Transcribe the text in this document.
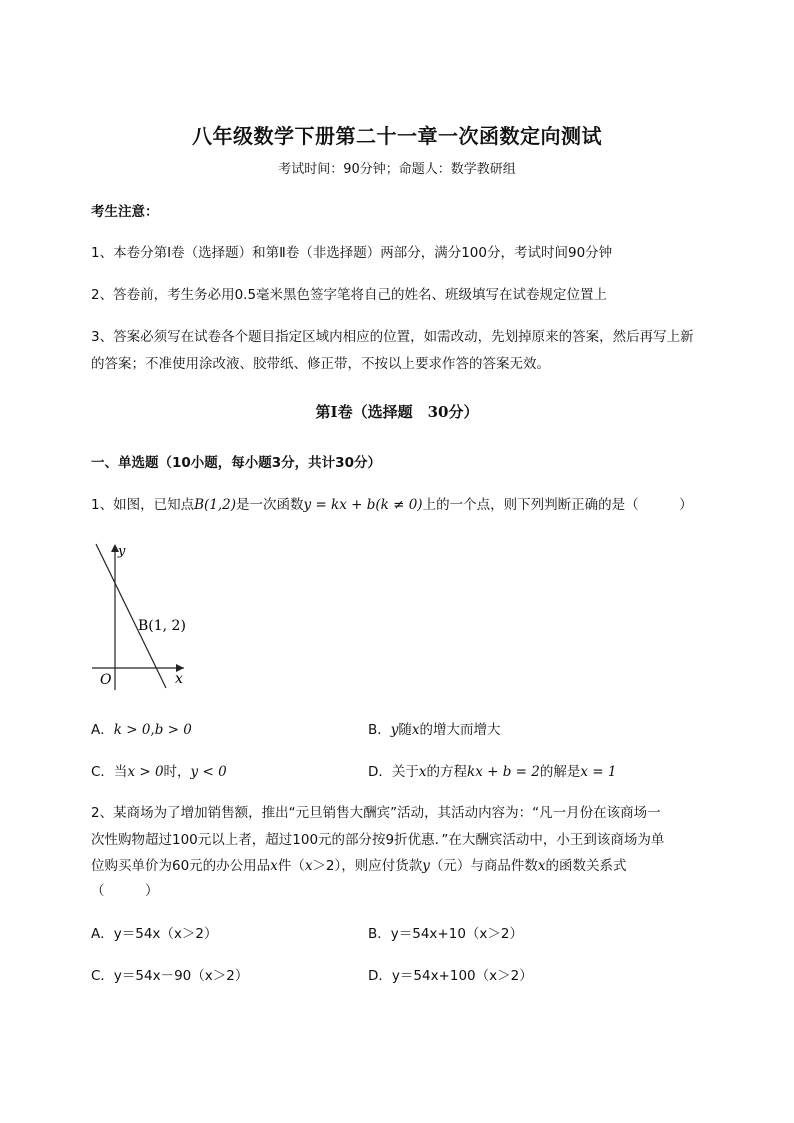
八年级数学下册第二十一章一次函数定向测试
考试时间：90分钟；命题人：数学教研组
考生注意：
1、本卷分第I卷（选择题）和第Ⅱ卷（非选择题）两部分，满分100分，考试时间90分钟
2、答卷前，考生务必用0.5毫米黑色签字笔将自己的姓名、班级填写在试卷规定位置上
3、答案必须写在试卷各个题目指定区域内相应的位置，如需改动，先划掉原来的答案，然后再写上新
的答案；不准使用涂改液、胶带纸、修正带，不按以上要求作答的答案无效。
第I卷（选择题　30分）
一、单选题（10小题，每小题3分，共计30分）
1、如图，已知点B(1,2)是一次函数y = kx + b(k ≠ 0)上的一个点，则下列判断正确的是（　　　）
y
x
O
B(1, 2)
A．k > 0,b > 0	B．y随x的增大而增大
C．当x > 0时，y < 0	D．关于x的方程kx + b = 2的解是x = 1
2、某商场为了增加销售额，推出“元旦销售大酬宾”活动，其活动内容为：“凡一月份在该商场一
次性购物超过100元以上者，超过100元的部分按9折优惠．”在大酬宾活动中，小王到该商场为单
位购买单价为60元的办公用品x件（x＞2），则应付货款y（元）与商品件数x的函数关系式
（　　　）
A．y＝54x（x＞2）	B．y＝54x+10（x＞2）
C．y＝54x－90（x＞2）	D．y＝54x+100（x＞2）
